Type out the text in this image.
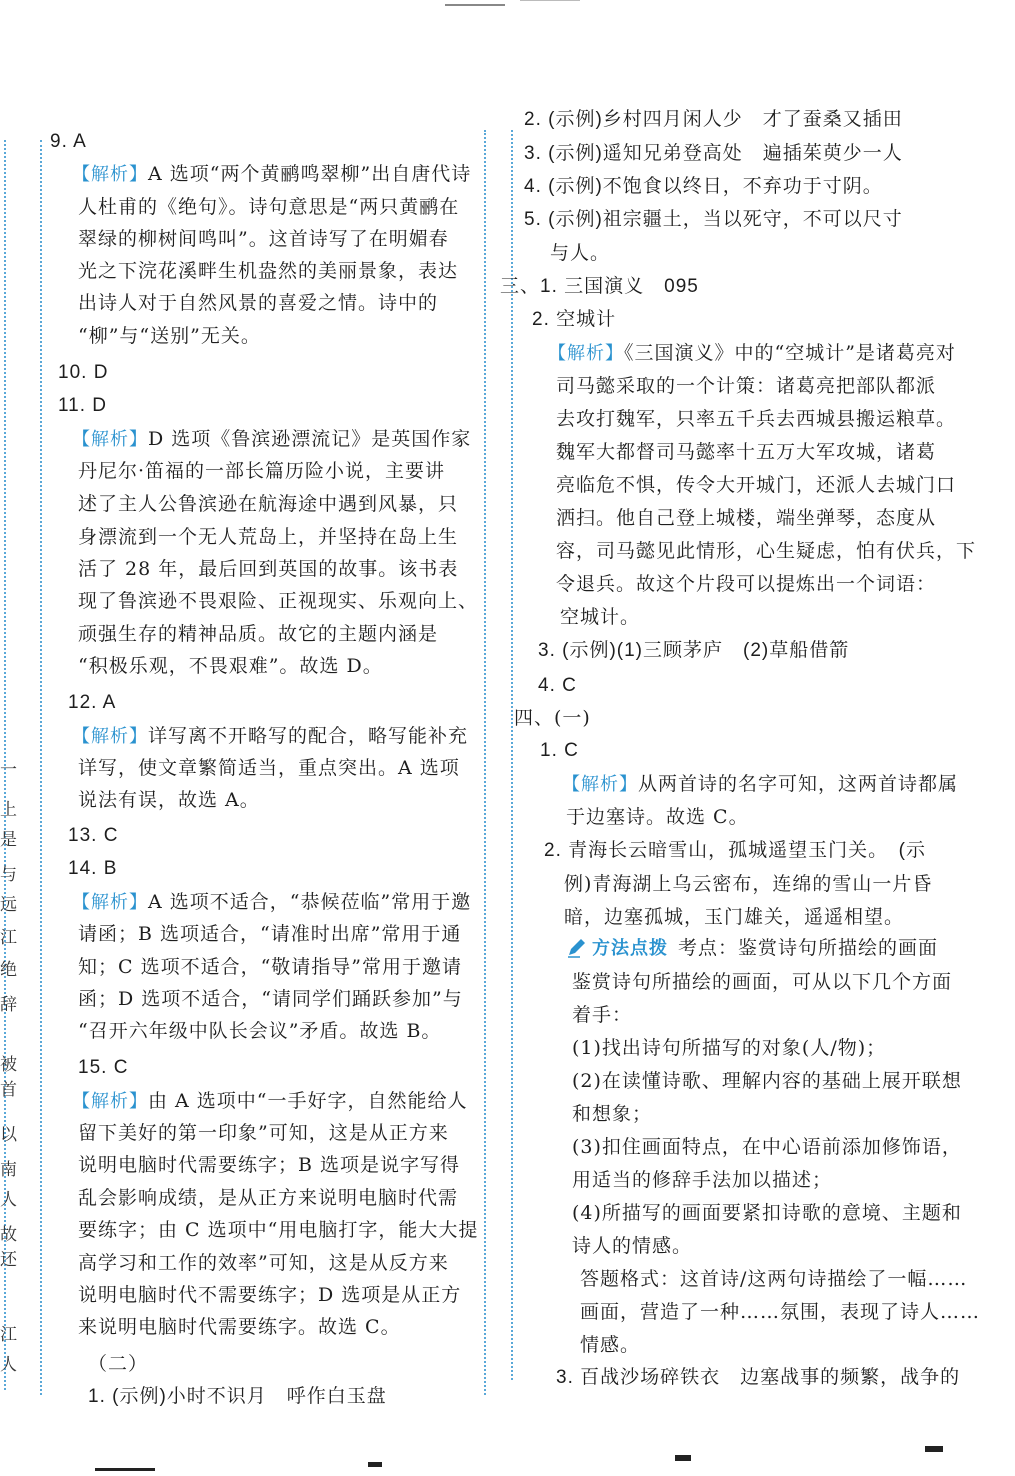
一
上
是
与
远
江
绝
辞
被
首
以
南
人
故
还
江
人
9. A
【解析】A 选项“两个黄鹂鸣翠柳”出自唐代诗
人杜甫的《绝句》。诗句意思是“两只黄鹂在
翠绿的柳树间鸣叫”。这首诗写了在明媚春
光之下浣花溪畔生机盎然的美丽景象，表达
出诗人对于自然风景的喜爱之情。诗中的
“柳”与“送别”无关。
10. D
11. D
【解析】D 选项《鲁滨逊漂流记》是英国作家
丹尼尔·笛福的一部长篇历险小说，主要讲
述了主人公鲁滨逊在航海途中遇到风暴，只
身漂流到一个无人荒岛上，并坚持在岛上生
活了 28 年，最后回到英国的故事。该书表
现了鲁滨逊不畏艰险、正视现实、乐观向上、
顽强生存的精神品质。故它的主题内涵是
“积极乐观，不畏艰难”。故选 D。
12. A
【解析】详写离不开略写的配合，略写能补充
详写，使文章繁简适当，重点突出。A 选项
说法有误，故选 A。
13. C
14. B
【解析】A 选项不适合，“恭候莅临”常用于邀
请函；B 选项适合，“请准时出席”常用于通
知；C 选项不适合，“敬请指导”常用于邀请
函；D 选项不适合，“请同学们踊跃参加”与
“召开六年级中队长会议”矛盾。故选 B。
15. C
【解析】由 A 选项中“一手好字，自然能给人
留下美好的第一印象”可知，这是从正方来
说明电脑时代需要练字；B 选项是说字写得
乱会影响成绩，是从正方来说明电脑时代需
要练字；由 C 选项中“用电脑打字，能大大提
高学习和工作的效率”可知，这是从反方来
说明电脑时代不需要练字；D 选项是从正方
来说明电脑时代需要练字。故选 C。
（二）
1. (示例)小时不识月　呼作白玉盘
2. (示例)乡村四月闲人少　才了蚕桑又插田
3. (示例)遥知兄弟登高处　遍插茱萸少一人
4. (示例)不饱食以终日，不弃功于寸阴。
5. (示例)祖宗疆土，当以死守，不可以尺寸
与人。
三、1. 三国演义　095
2. 空城计
【解析】《三国演义》中的“空城计”是诸葛亮对
司马懿采取的一个计策：诸葛亮把部队都派
去攻打魏军，只率五千兵去西城县搬运粮草。
魏军大都督司马懿率十五万大军攻城，诸葛
亮临危不惧，传令大开城门，还派人去城门口
洒扫。他自己登上城楼，端坐弹琴，态度从
容，司马懿见此情形，心生疑虑，怕有伏兵，下
令退兵。故这个片段可以提炼出一个词语：
空城计。
3. (示例)(1)三顾茅庐　(2)草船借箭
4. C
四、(一)
1. C
【解析】从两首诗的名字可知，这两首诗都属
于边塞诗。故选 C。
2. 青海长云暗雪山，孤城遥望玉门关。　(示
例)青海湖上乌云密布，连绵的雪山一片昏
暗，边塞孤城，玉门雄关，遥遥相望。
方法点拨 考点：鉴赏诗句所描绘的画面
鉴赏诗句所描绘的画面，可从以下几个方面
着手：
(1)找出诗句所描写的对象(人/物)；
(2)在读懂诗歌、理解内容的基础上展开联想
和想象；
(3)扣住画面特点，在中心语前添加修饰语，
用适当的修辞手法加以描述；
(4)所描写的画面要紧扣诗歌的意境、主题和
诗人的情感。
答题格式：这首诗/这两句诗描绘了一幅……
画面，营造了一种……氛围，表现了诗人……
情感。
3. 百战沙场碎铁衣　边塞战事的频繁，战争的
